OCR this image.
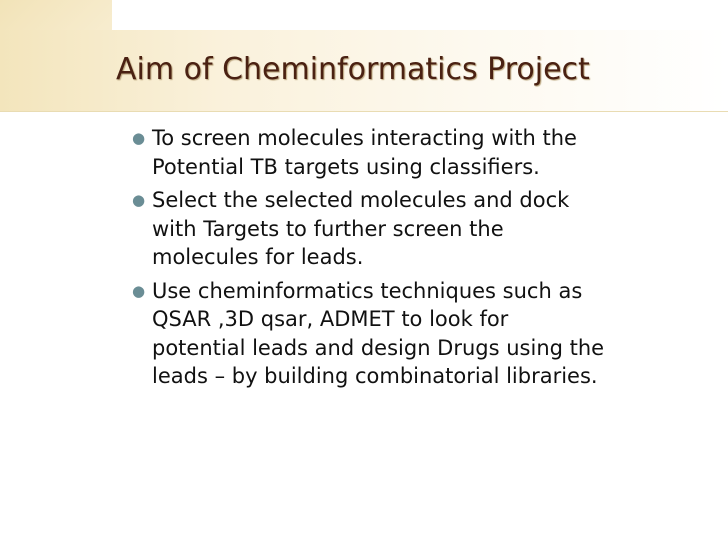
Aim of Cheminformatics Project
● To screen molecules interacting with the
Potential TB targets using classifiers.
● Select the selected molecules and dock
with Targets to further screen the
molecules for leads.
● Use cheminformatics techniques such as
QSAR ,3D qsar, ADMET to look for
potential leads and design Drugs using the
leads – by building combinatorial libraries.
